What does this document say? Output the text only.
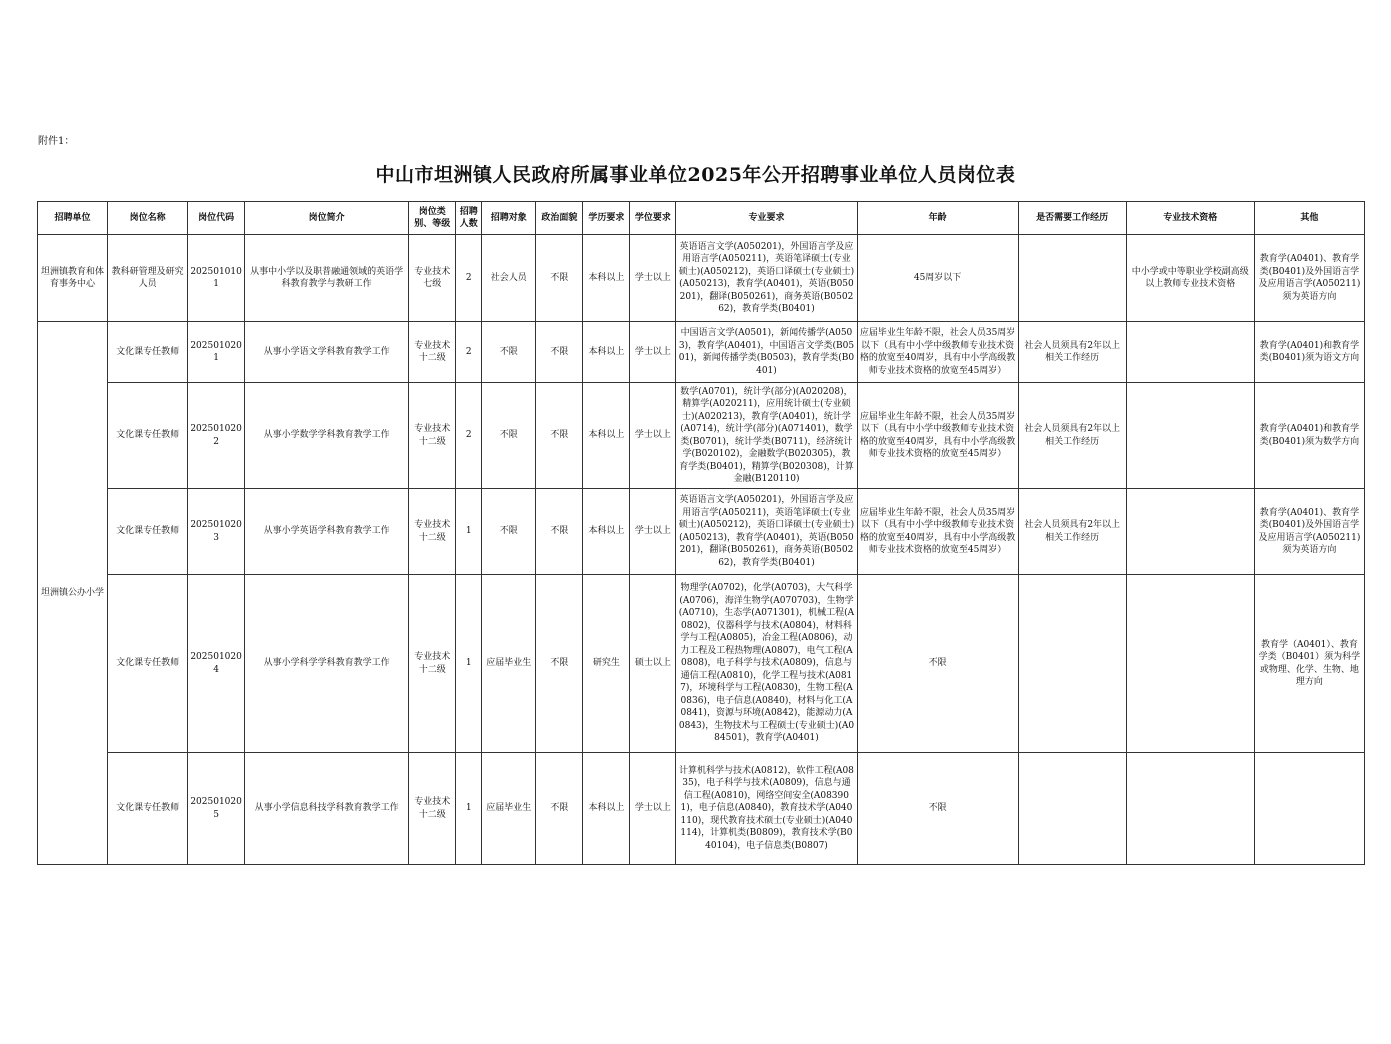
附件1：
中山市坦洲镇人民政府所属事业单位2025年公开招聘事业单位人员岗位表
招聘单位	岗位名称	岗位代码	岗位简介	岗位类别、等级	招聘人数	招聘对象	政治面貌	学历要求	学位要求	专业要求	年龄	是否需要工作经历	专业技术资格	其他
坦洲镇教育和体育事务中心	教科研管理及研究人员	2025010101	从事中小学以及职普融通领域的英语学科教育教学与教研工作	专业技术七级	2	社会人员	不限	本科以上	学士以上	英语语言文学(A050201)，外国语言学及应用语言学(A050211)，英语笔译硕士(专业硕士)(A050212)，英语口译硕士(专业硕士)(A050213)，教育学(A0401)，英语(B050201)，翻译(B050261)，商务英语(B050262)，教育学类(B0401)	45周岁以下		中小学或中等职业学校副高级以上教师专业技术资格	教育学(A0401)、教育学类(B0401)及外国语言学及应用语言学(A050211)须为英语方向
坦洲镇公办小学	文化课专任教师	2025010201	从事小学语文学科教育教学工作	专业技术十二级	2	不限	不限	本科以上	学士以上	中国语言文学(A0501)，新闻传播学(A0503)，教育学(A0401)，中国语言文学类(B0501)，新闻传播学类(B0503)，教育学类(B0401)	应届毕业生年龄不限，社会人员35周岁以下（具有中小学中级教师专业技术资格的放宽至40周岁，具有中小学高级教师专业技术资格的放宽至45周岁）	社会人员须具有2年以上相关工作经历		教育学(A0401)和教育学类(B0401)须为语文方向
	文化课专任教师	2025010202	从事小学数学学科教育教学工作	专业技术十二级	2	不限	不限	本科以上	学士以上	数学(A0701)，统计学(部分)(A020208)，精算学(A020211)，应用统计硕士(专业硕士)(A020213)，教育学(A0401)，统计学(A0714)，统计学(部分)(A071401)，数学类(B0701)，统计学类(B0711)，经济统计学(B020102)，金融数学(B020305)，教育学类(B0401)，精算学(B020308)，计算金融(B120110)	应届毕业生年龄不限，社会人员35周岁以下（具有中小学中级教师专业技术资格的放宽至40周岁，具有中小学高级教师专业技术资格的放宽至45周岁）	社会人员须具有2年以上相关工作经历		教育学(A0401)和教育学类(B0401)须为数学方向
	文化课专任教师	2025010203	从事小学英语学科教育教学工作	专业技术十二级	1	不限	不限	本科以上	学士以上	英语语言文学(A050201)，外国语言学及应用语言学(A050211)，英语笔译硕士(专业硕士)(A050212)，英语口译硕士(专业硕士)(A050213)，教育学(A0401)，英语(B050201)，翻译(B050261)，商务英语(B050262)，教育学类(B0401)	应届毕业生年龄不限，社会人员35周岁以下（具有中小学中级教师专业技术资格的放宽至40周岁，具有中小学高级教师专业技术资格的放宽至45周岁）	社会人员须具有2年以上相关工作经历		教育学(A0401)、教育学类(B0401)及外国语言学及应用语言学(A050211)须为英语方向
	文化课专任教师	2025010204	从事小学科学学科教育教学工作	专业技术十二级	1	应届毕业生	不限	研究生	硕士以上	物理学(A0702)，化学(A0703)，大气科学(A0706)，海洋生物学(A070703)，生物学(A0710)，生态学(A071301)，机械工程(A0802)，仪器科学与技术(A0804)，材料科学与工程(A0805)，冶金工程(A0806)，动力工程及工程热物理(A0807)，电气工程(A0808)，电子科学与技术(A0809)，信息与通信工程(A0810)，化学工程与技术(A0817)，环境科学与工程(A0830)，生物工程(A0836)，电子信息(A0840)，材料与化工(A0841)，资源与环境(A0842)，能源动力(A0843)，生物技术与工程硕士(专业硕士)(A084501)，教育学(A0401)	不限			教育学（A0401）、教育学类（B0401）须为科学或物理、化学、生物、地理方向
	文化课专任教师	2025010205	从事小学信息科技学科教育教学工作	专业技术十二级	1	应届毕业生	不限	本科以上	学士以上	计算机科学与技术(A0812)，软件工程(A0835)，电子科学与技术(A0809)，信息与通信工程(A0810)，网络空间安全(A083901)，电子信息(A0840)，教育技术学(A040110)，现代教育技术硕士(专业硕士)(A040114)，计算机类(B0809)，教育技术学(B040104)，电子信息类(B0807)	不限			
